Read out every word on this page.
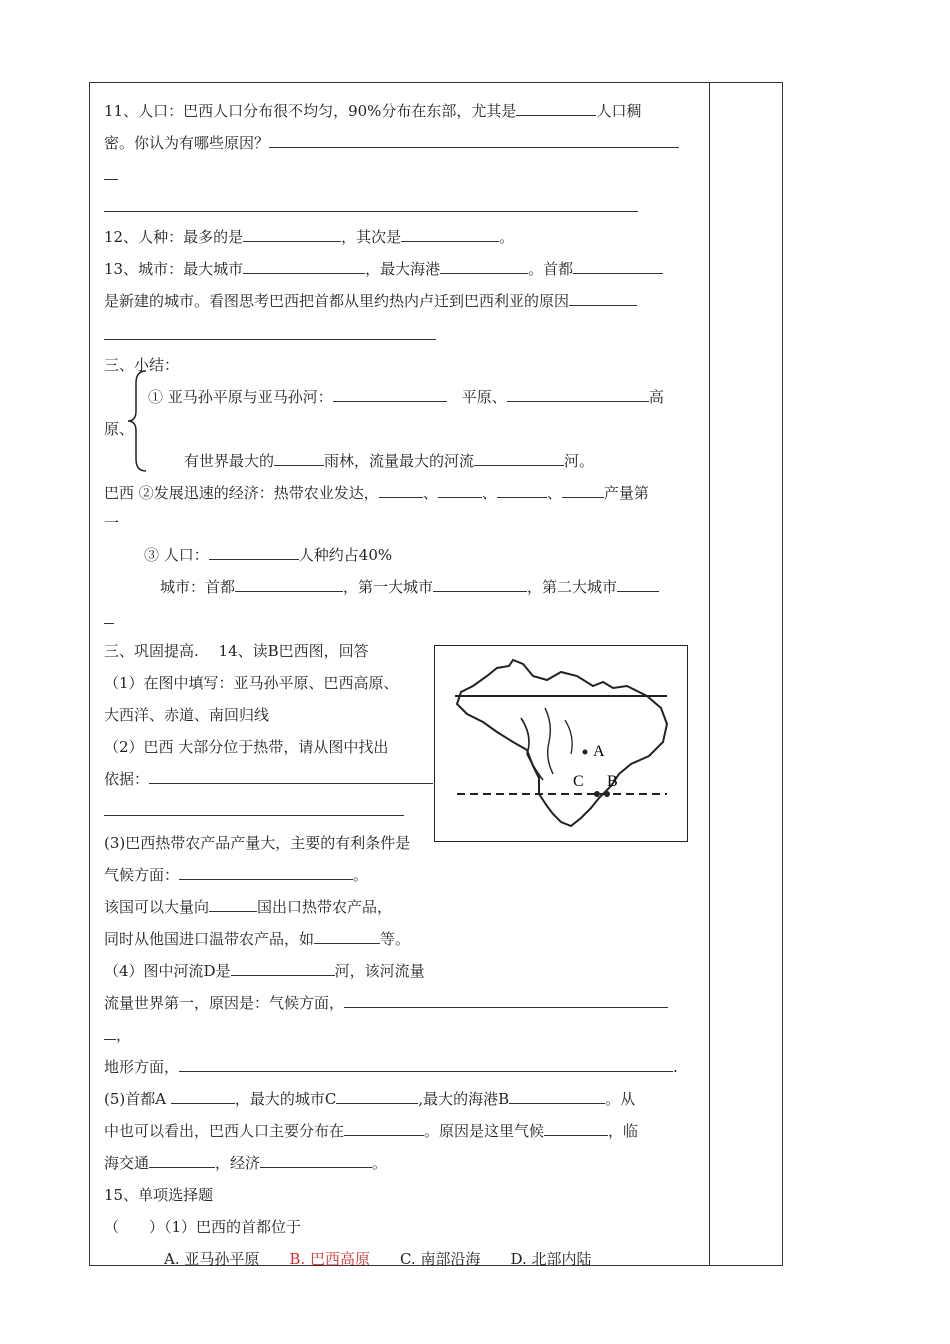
11、人口：巴西人口分布很不均匀，90%分布在东部，尤其是	人口稠
密。你认为有哪些原因？
12、人种：最多的是	，其次是	。
13、城市：最大城市	，最大海港	。首都
是新建的城市。看图思考巴西把首都从里约热内卢迁到巴西利亚的原因
三、小结：
① 亚马孙平原与亚马孙河：　	平原、	高
原、
有世界最大的	雨林，流量最大的河流	河。
巴西 ②发展迅速的经济：热带农业发达，	、	、	、	产量第
一
③ 人口：	人种约占40%
城市：首都	，第一大城市	，第二大城市
三、巩固提高.　 14、读B巴西图，回答
（1）在图中填写：亚马孙平原、巴西高原、
大西洋、赤道、南回归线
（2）巴西 大部分位于热带，请从图中找出
依据：
(3)巴西热带农产品产量大，主要的有利条件是
气候方面：	。
该国可以大量向	国出口热带农产品，
同时从他国进口温带农产品，如	等。
（4）图中河流D是	河，该河流量
流量世界第一，原因是：气候方面，
，
地形方面，	.
(5)首都A	，最大的城市C	,最大的海港B	。从
中也可以看出，巴西人口主要分布在	。原因是这里气候	，临
海交通	，经济	。
15、单项选择题
（　　）（1）巴西的首都位于
A. 亚马孙平原　　 B. 巴西高原　　 C. 南部沿海　　 D. 北部内陆
A
C B
